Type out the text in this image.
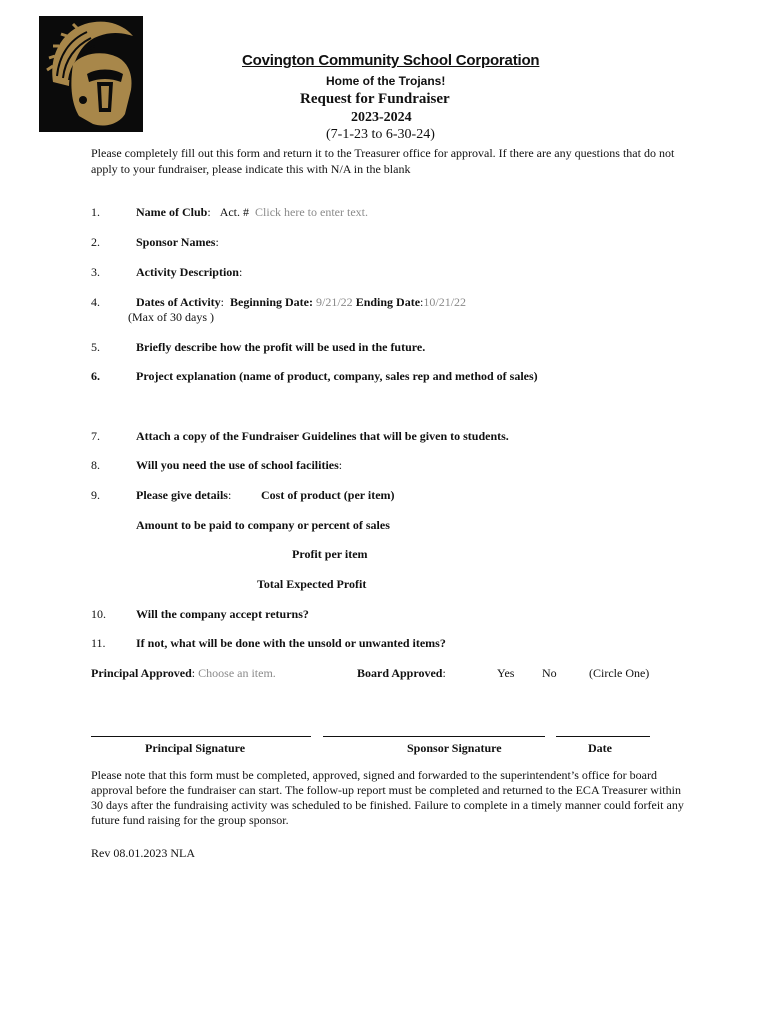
Covington Community School Corporation
Home of the Trojans!
Request for Fundraiser
2023-2024
(7-1-23 to 6-30-24)
Please completely fill out this form and return it to the Treasurer office for approval. If there are any questions that do not apply to your fundraiser, please indicate this with N/A in the blank
1.	Name of Club: Act. # Click here to enter text.
2.	Sponsor Names:
3.	Activity Description:
4.	Dates of Activity: Beginning Date: 9/21/22 Ending Date:10/21/22
(Max of 30 days )
5.	Briefly describe how the profit will be used in the future.
6.	Project explanation (name of product, company, sales rep and method of sales)
7.	Attach a copy of the Fundraiser Guidelines that will be given to students.
8.	Will you need the use of school facilities:
9.	Please give details: Cost of product (per item)
Amount to be paid to company or percent of sales
Profit per item
Total Expected Profit
10.	Will the company accept returns?
11.	If not, what will be done with the unsold or unwanted items?
Principal Approved: Choose an item.	Board Approved:	Yes No	(Circle One)
Principal Signature	Sponsor Signature	Date
Please note that this form must be completed, approved, signed and forwarded to the superintendent’s office for board approval before the fundraiser can start. The follow-up report must be completed and returned to the ECA Treasurer within 30 days after the fundraising activity was scheduled to be finished. Failure to complete in a timely manner could forfeit any future fund raising for the group sponsor.
Rev 08.01.2023 NLA
